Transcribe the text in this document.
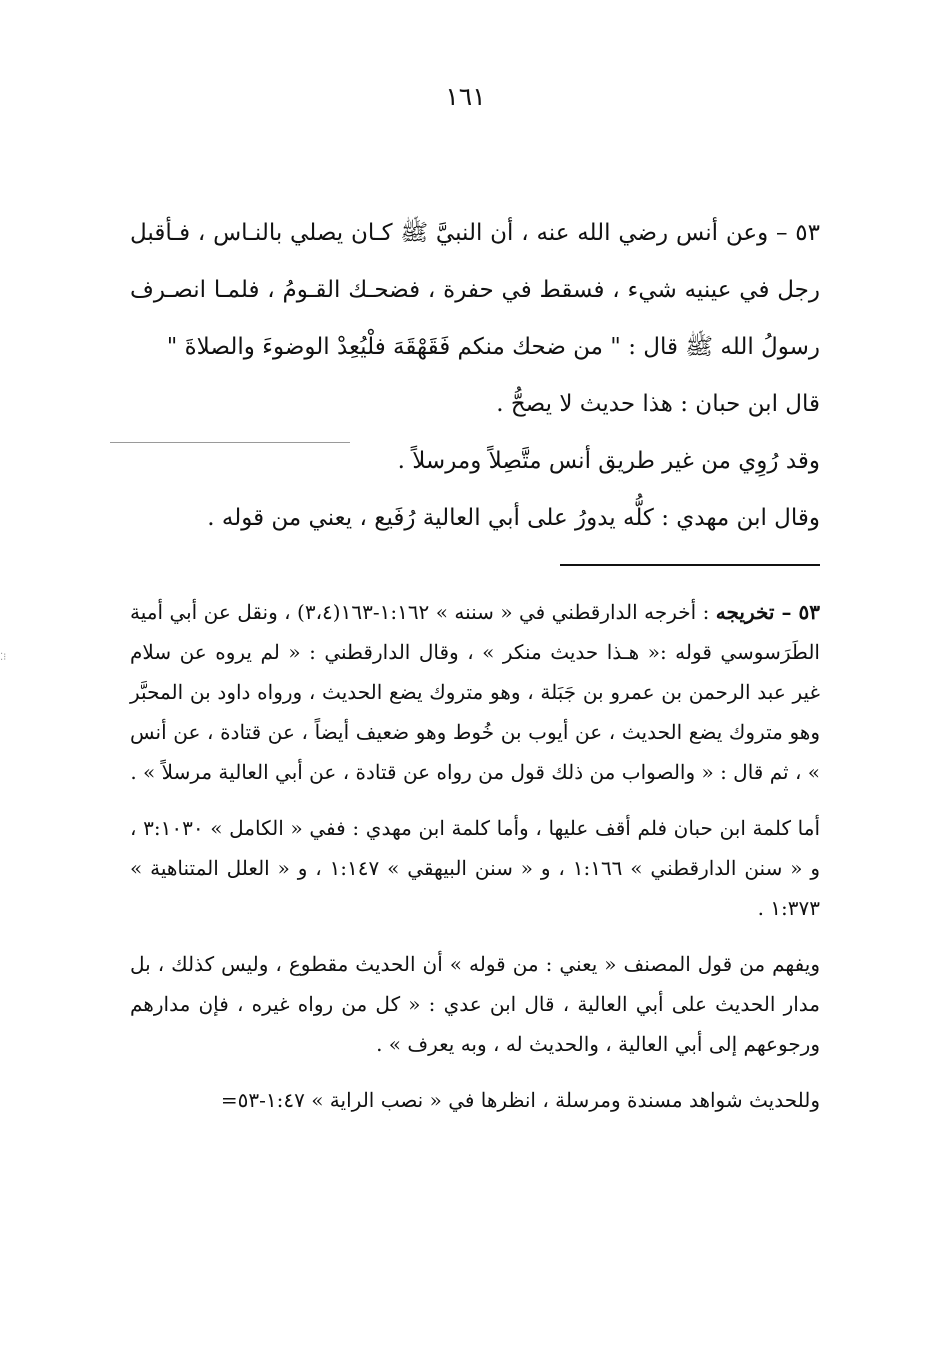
١٦١

٥٣ – وعن أنس رضي الله عنه ، أن النبيَّ ﷺ كـان يصلي بالنـاس ، فـأقبل رجل في عينيه شيء ، فسقط في حفرة ، فضحـك القـومُ ، فلمـا انصـرف رسولُ الله ﷺ قال : " من ضحك منكم فَقَهْقَهَ فلْيُعِدْ الوضوءَ والصلاةَ "

قال ابن حبان : هذا حديث لا يصحُّ .

وقد رُوِي من غير طريق أنس متَّصِلاً ومرسلاً .

وقال ابن مهدي : كلُّه يدورُ على أبي العالية رُفَيع ، يعني من قوله .

٥٣ – تخريجه : أخرجه الدارقطني في « سننه » ١:١٦٢-١٦٣(٣،٤) ، ونقل عن أبي أمية الطَرَسوسي قوله :« هـذا حديث منكر » ، وقال الدارقطني : « لم يروه عن سلام غير عبد الرحمن بن عمرو بن جَبَلة ، وهو متروك يضع الحديث ، ورواه داود بن المحبَّر وهو متروك يضع الحديث ، عن أيوب بن خُوط وهو ضعيف أيضاً ، عن قتادة ، عن أنس » ، ثم قال : « والصواب من ذلك قول من رواه عن قتادة ، عن أبي العالية مرسلاً » .

أما كلمة ابن حبان فلم أقف عليها ، وأما كلمة ابن مهدي : ففي « الكامل » ٣:١٠٣٠ ، و « سنن الدارقطني » ١:١٦٦ ، و « سنن البيهقي » ١:١٤٧ ، و « العلل المتناهية » ١:٣٧٣ .

ويفهم من قول المصنف « يعني : من قوله » أن الحديث مقطوع ، وليس كذلك ، بل مدار الحديث على أبي العالية ، قال ابن عدي : « كل من رواه غيره ، فإن مدارهم ورجوعهم إلى أبي العالية ، والحديث له ، وبه يعرف » .

وللحديث شواهد مسندة ومرسلة ، انظرها في « نصب الراية » ١:٤٧-٥٣=

⁚⁝
